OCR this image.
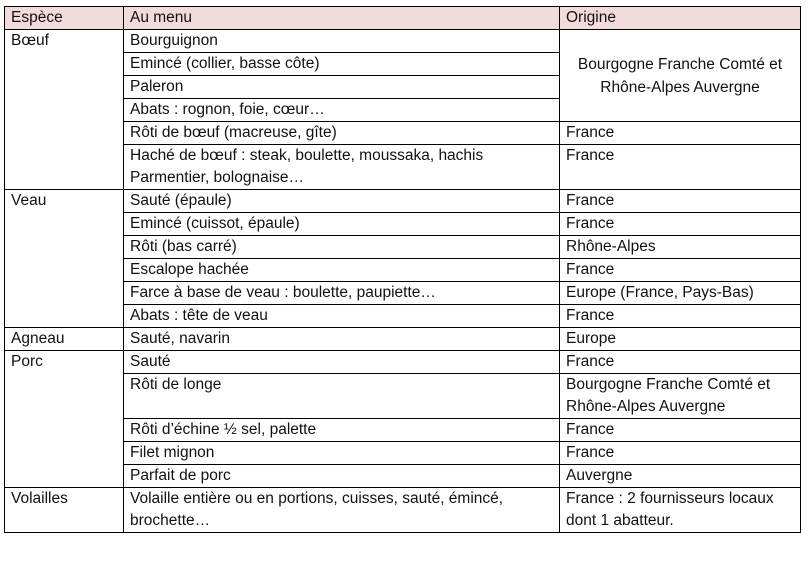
Espèce	Au menu	Origine
Bœuf	Bourguignon	Bourgogne Franche Comté et Rhône-Alpes Auvergne
	Emincé (collier, basse côte)	
	Paleron	
	Abats : rognon, foie, cœur…	
	Rôti de bœuf (macreuse, gîte)	France
	Haché de bœuf : steak, boulette, moussaka, hachis Parmentier, bolognaise…	France
Veau	Sauté (épaule)	France
	Emincé (cuissot, épaule)	France
	Rôti (bas carré)	Rhône-Alpes
	Escalope hachée	France
	Farce à base de veau : boulette, paupiette…	Europe (France, Pays-Bas)
	Abats : tête de veau	France
Agneau	Sauté, navarin	Europe
Porc	Sauté	France
	Rôti de longe	Bourgogne Franche Comté et Rhône-Alpes Auvergne
	Rôti d’échine ½ sel, palette	France
	Filet mignon	France
	Parfait de porc	Auvergne
Volailles	Volaille entière ou en portions, cuisses, sauté, émincé, brochette…	France : 2 fournisseurs locaux dont 1 abatteur.
